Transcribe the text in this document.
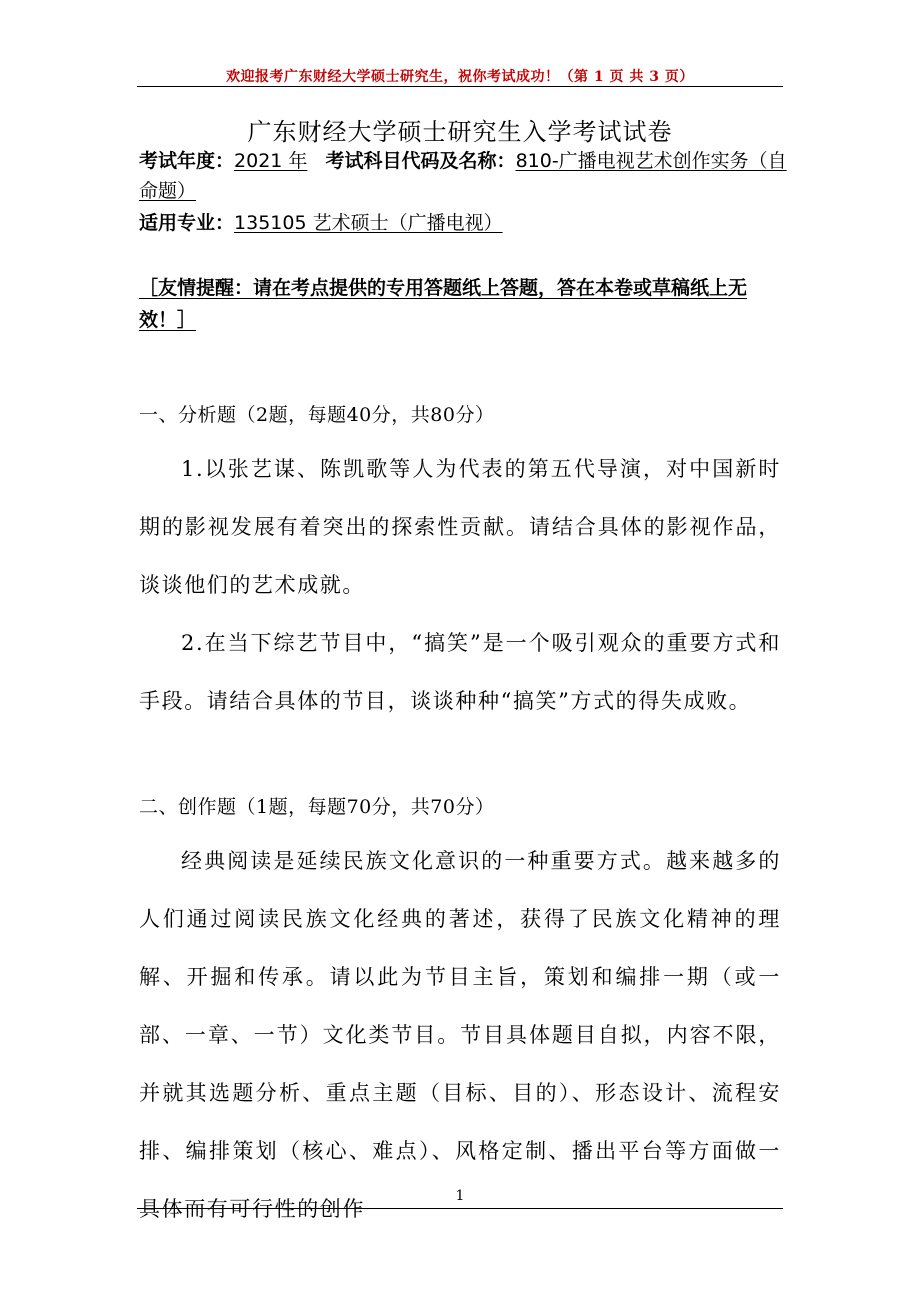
欢迎报考广东财经大学硕士研究生，祝你考试成功！（第 1 页 共 3 页）
广东财经大学硕士研究生入学考试试卷
考试年度：2021 年 考试科目代码及名称：810-广播电视艺术创作实务（自命题）
适用专业：135105 艺术硕士（广播电视）
［友情提醒：请在考点提供的专用答题纸上答题，答在本卷或草稿纸上无效！］
一、分析题（2题，每题40分，共80分）
1.以张艺谋、陈凯歌等人为代表的第五代导演，对中国新时期的影视发展有着突出的探索性贡献。请结合具体的影视作品，谈谈他们的艺术成就。
2.在当下综艺节目中，“搞笑”是一个吸引观众的重要方式和手段。请结合具体的节目，谈谈种种“搞笑”方式的得失成败。
二、创作题（1题，每题70分，共70分）
经典阅读是延续民族文化意识的一种重要方式。越来越多的人们通过阅读民族文化经典的著述，获得了民族文化精神的理解、开掘和传承。请以此为节目主旨，策划和编排一期（或一部、一章、一节）文化类节目。节目具体题目自拟，内容不限，并就其选题分析、重点主题（目标、目的）、形态设计、流程安排、编排策划（核心、难点）、风格定制、播出平台等方面做一具体而有可行性的创作
1
